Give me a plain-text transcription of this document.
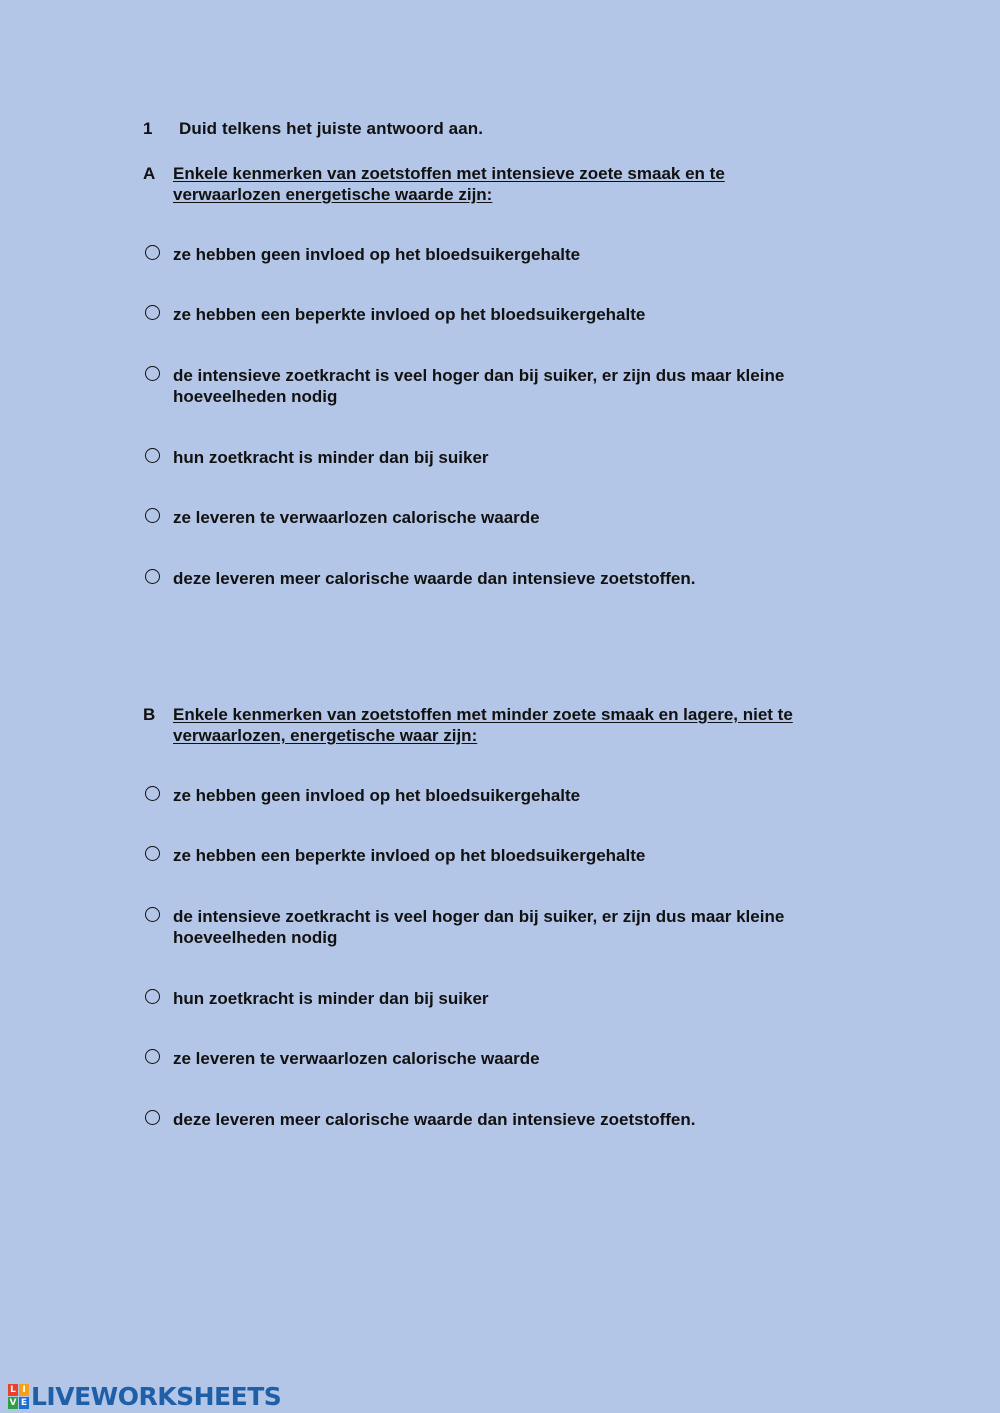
1 Duid telkens het juiste antwoord aan.
A Enkele kenmerken van zoetstoffen met intensieve zoete smaak en te
verwaarlozen energetische waarde zijn:
ze hebben geen invloed op het bloedsuikergehalte
ze hebben een beperkte invloed op het bloedsuikergehalte
de intensieve zoetkracht is veel hoger dan bij suiker, er zijn dus maar kleine hoeveelheden nodig
hun zoetkracht is minder dan bij suiker
ze leveren te verwaarlozen calorische waarde
deze leveren meer calorische waarde dan intensieve zoetstoffen.
B Enkele kenmerken van zoetstoffen met minder zoete smaak en lagere, niet te
verwaarlozen, energetische waar zijn:
ze hebben geen invloed op het bloedsuikergehalte
ze hebben een beperkte invloed op het bloedsuikergehalte
de intensieve zoetkracht is veel hoger dan bij suiker, er zijn dus maar kleine hoeveelheden nodig
hun zoetkracht is minder dan bij suiker
ze leveren te verwaarlozen calorische waarde
deze leveren meer calorische waarde dan intensieve zoetstoffen.
L I
V E LIVEWORKSHEETS
